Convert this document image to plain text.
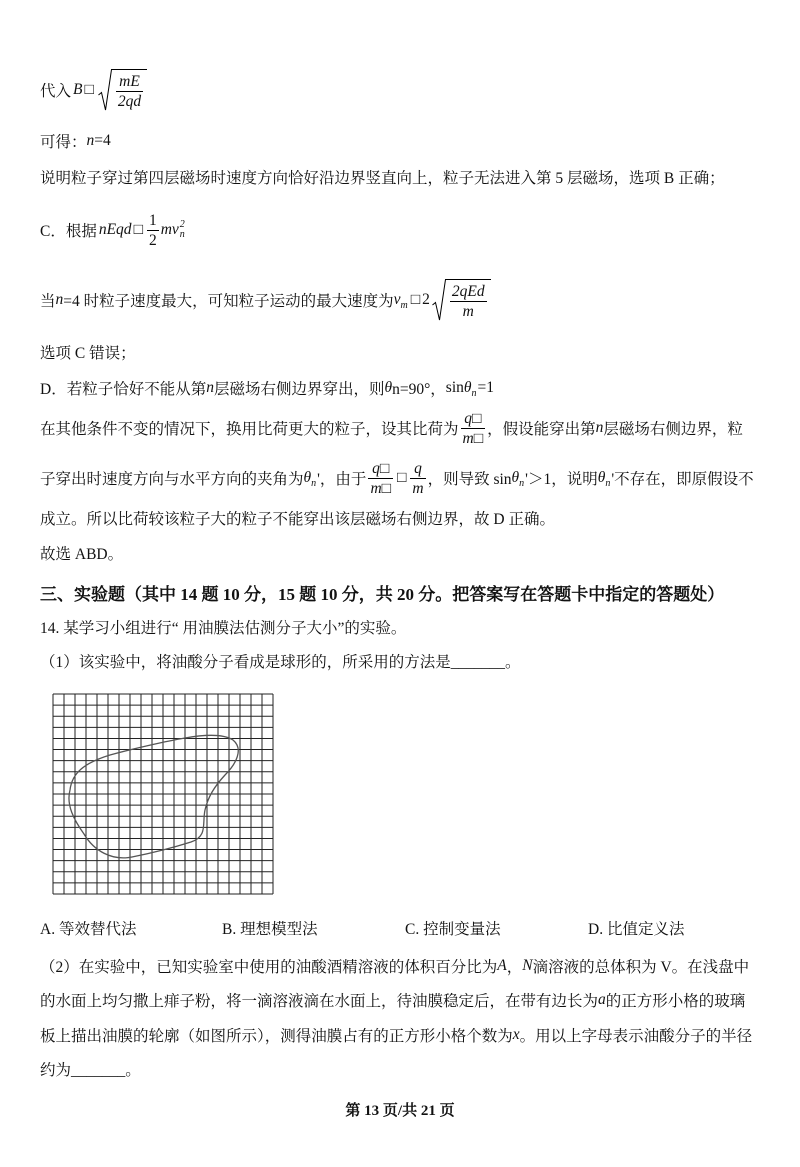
代入 B □ $\frac{mE}{2qd}$
可得： n =4
说明粒子穿过第四层磁场时速度方向恰好沿边界竖直向上，粒子无法进入第 5 层磁场，选项 B 正确；
C．根据 nEqd □ $\frac{1}{2}$ mv 2
n
当 n =4 时粒子速度最大，可知粒子运动的最大速度为 v m □ $2 \frac{\text{2qEd}}{m}$
选项 C 错误；
D．若粒子恰好不能从第 n 层磁场右侧边界穿出，则 θ n=90°， sin θ n =1
在其他条件不变的情况下，换用比荷更大的粒子，设其比荷为 $\frac{q□}{m□}$ ，假设能穿出第 n 层磁场右侧边界，粒
子穿出时速度方向与水平方向的夹角为 θ n '，由于 $\frac{q□}{m□}$ □ $\frac{q}{m}$ ，则导致 sin θ n '＞1，说明 θ n '不存在，即原假设不
成立。所以比荷较该粒子大的粒子不能穿出该层磁场右侧边界，故 D 正确。
故选 ABD。
三、实验题（其中 14 题 10 分，15 题 10 分，共 20 分。把答案写在答题卡中指定的答题处）
14. 某学习小组进行“ 用油膜法估测分子大小”的实验。
（1）该实验中，将油酸分子看成是球形的，所采用的方法是_______。
A. 等效替代法	B. 理想模型法	C. 控制变量法	D. 比值定义法
（2）在实验中，已知实验室中使用的油酸酒精溶液的体积百分比为 A ， N 滴溶液的总体积为 V。在浅盘中
的水面上均匀撒上痱子粉，将一滴溶液滴在水面上，待油膜稳定后，在带有边长为 a 的正方形小格的玻璃
板上描出油膜的轮廓（如图所示），测得油膜占有的正方形小格个数为 x 。用以上字母表示油酸分子的半径
约为_______。
第 13 页/共 21 页
